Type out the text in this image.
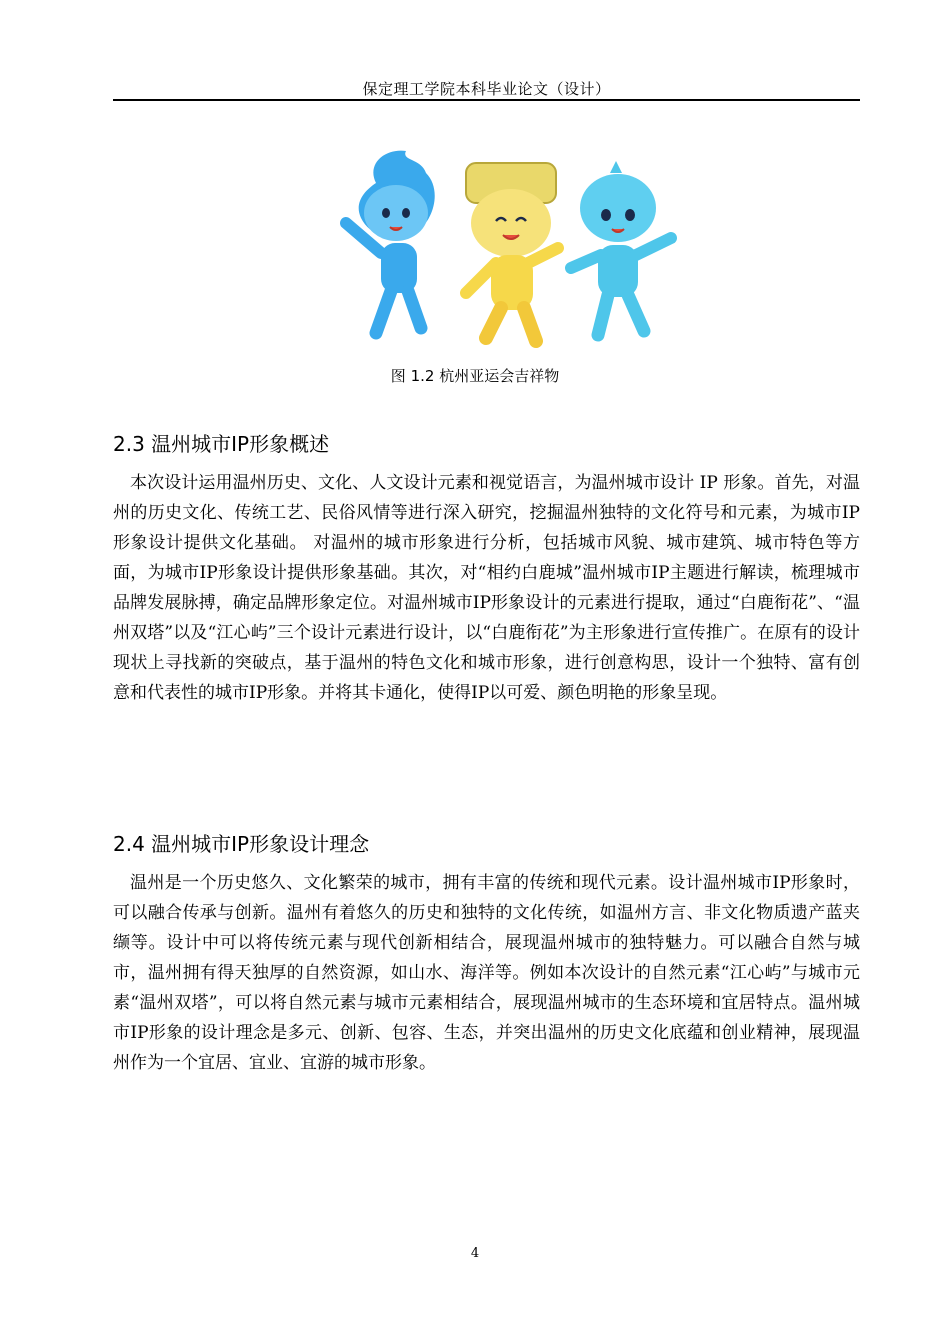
保定理工学院本科毕业论文（设计）
图 1.2 杭州亚运会吉祥物
2.3 温州城市IP形象概述
本次设计运用温州历史、文化、人文设计元素和视觉语言，为温州城市设计 IP 形象。首先，对温州的历史文化、传统工艺、民俗风情等进行深入研究，挖掘温州独特的文化符号和元素，为城市IP形象设计提供文化基础。 对温州的城市形象进行分析，包括城市风貌、城市建筑、城市特色等方面，为城市IP形象设计提供形象基础。其次，对“相约白鹿城”温州城市IP主题进行解读，梳理城市品牌发展脉搏，确定品牌形象定位。对温州城市IP形象设计的元素进行提取，通过“白鹿衔花”、“温州双塔”以及“江心屿”三个设计元素进行设计，以“白鹿衔花”为主形象进行宣传推广。在原有的设计现状上寻找新的突破点，基于温州的特色文化和城市形象，进行创意构思，设计一个独特、富有创意和代表性的城市IP形象。并将其卡通化，使得IP以可爱、颜色明艳的形象呈现。
2.4 温州城市IP形象设计理念
温州是一个历史悠久、文化繁荣的城市，拥有丰富的传统和现代元素。设计温州城市IP形象时，可以融合传承与创新。温州有着悠久的历史和独特的文化传统，如温州方言、非文化物质遗产蓝夹缬等。设计中可以将传统元素与现代创新相结合，展现温州城市的独特魅力。可以融合自然与城市，温州拥有得天独厚的自然资源，如山水、海洋等。例如本次设计的自然元素“江心屿”与城市元素“温州双塔”，可以将自然元素与城市元素相结合，展现温州城市的生态环境和宜居特点。温州城市IP形象的设计理念是多元、创新、包容、生态，并突出温州的历史文化底蕴和创业精神，展现温州作为一个宜居、宜业、宜游的城市形象。
4
